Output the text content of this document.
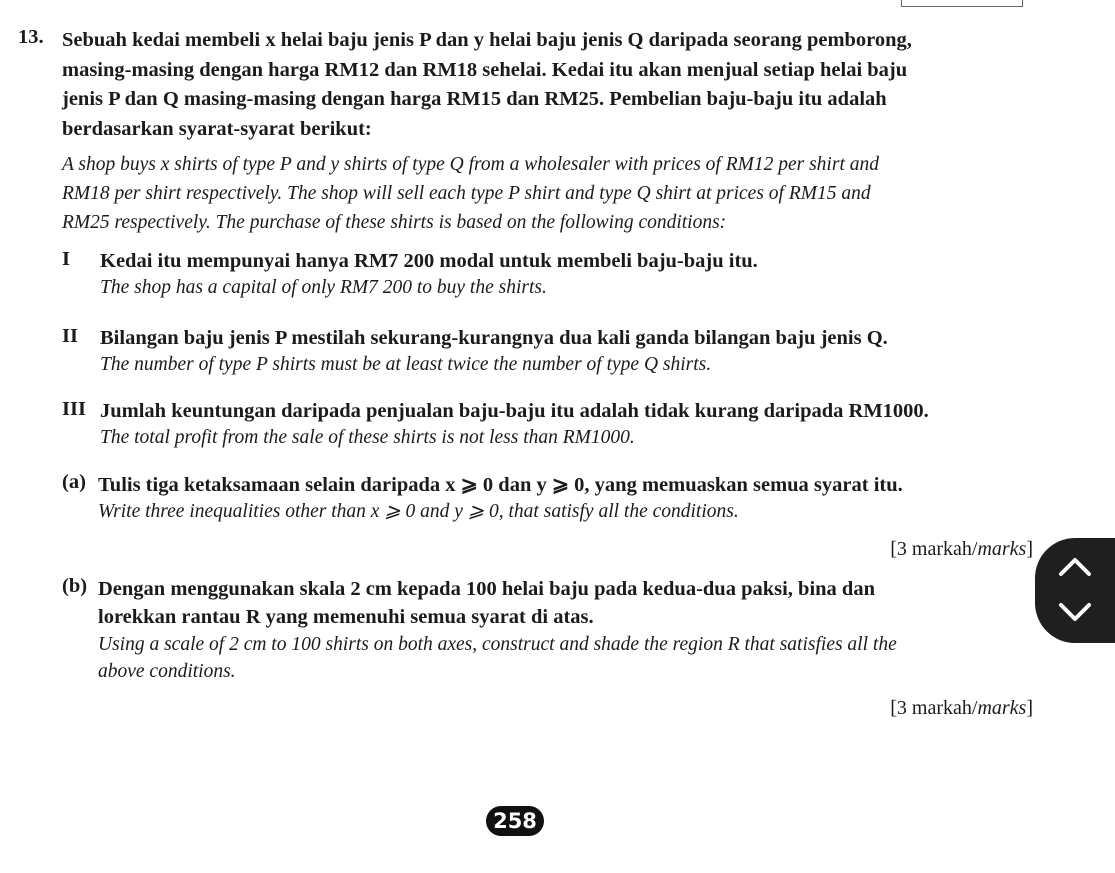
13. Sebuah kedai membeli x helai baju jenis P dan y helai baju jenis Q daripada seorang pemborong,

masing-masing dengan harga RM12 dan RM18 sehelai. Kedai itu akan menjual setiap helai baju

jenis P dan Q masing-masing dengan harga RM15 dan RM25. Pembelian baju-baju itu adalah

berdasarkan syarat-syarat berikut:

A shop buys x shirts of type P and y shirts of type Q from a wholesaler with prices of RM12 per shirt and

RM18 per shirt respectively. The shop will sell each type P shirt and type Q shirt at prices of RM15 and

RM25 respectively. The purchase of these shirts is based on the following conditions:

I Kedai itu mempunyai hanya RM7 200 modal untuk membeli baju-baju itu.

The shop has a capital of only RM7 200 to buy the shirts.

II Bilangan baju jenis P mestilah sekurang-kurangnya dua kali ganda bilangan baju jenis Q.

The number of type P shirts must be at least twice the number of type Q shirts.

III Jumlah keuntungan daripada penjualan baju-baju itu adalah tidak kurang daripada RM1000.

The total profit from the sale of these shirts is not less than RM1000.

(a) Tulis tiga ketaksamaan selain daripada x ⩾ 0 dan y ⩾ 0, yang memuaskan semua syarat itu.

Write three inequalities other than x ⩾ 0 and y ⩾ 0, that satisfy all the conditions.

[3 markah/marks]
(b) Dengan menggunakan skala 2 cm kepada 100 helai baju pada kedua-dua paksi, bina dan

lorekkan rantau R yang memenuhi semua syarat di atas.

Using a scale of 2 cm to 100 shirts on both axes, construct and shade the region R that satisfies all the

above conditions.

[3 markah/marks]
258
